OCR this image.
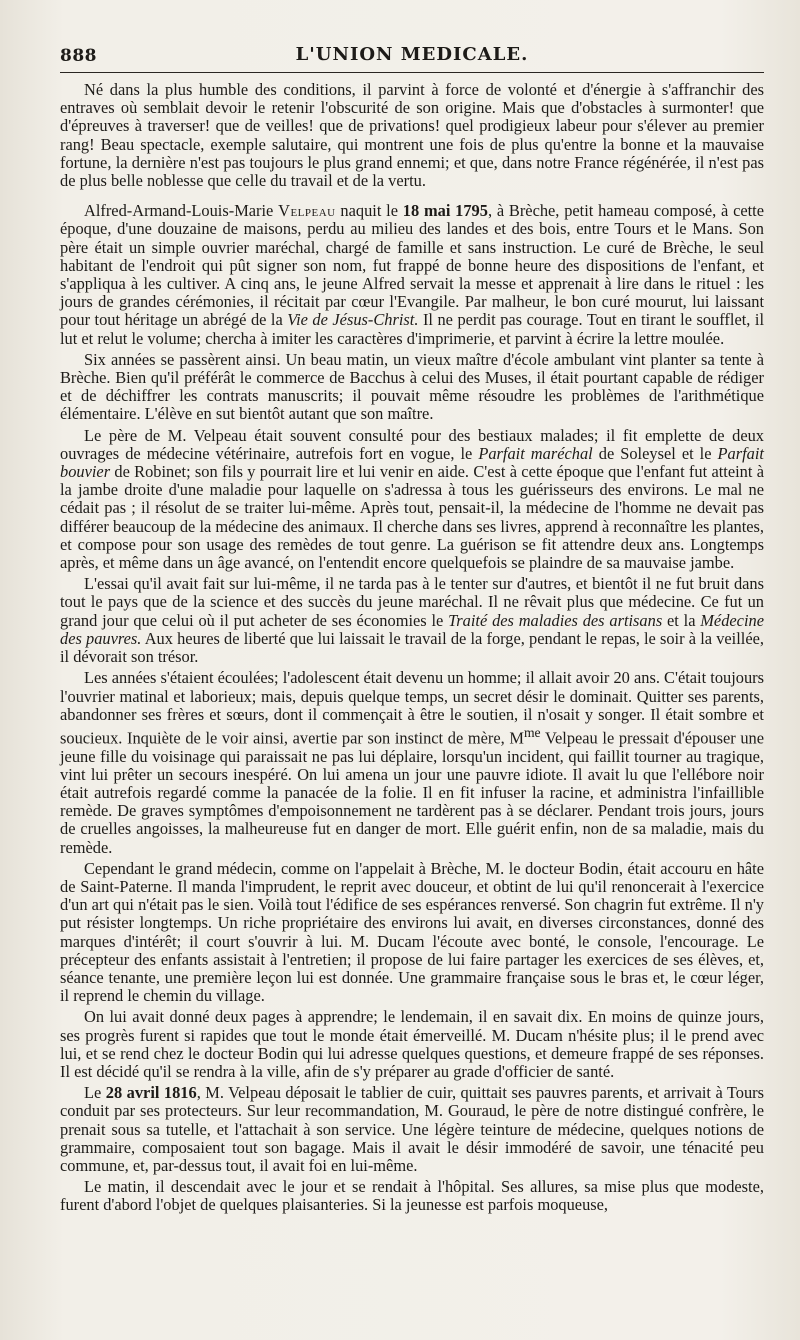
888	L'UNION MEDICALE.

Né dans la plus humble des conditions, il parvint à force de volonté et d'énergie à s'affranchir des entraves où semblait devoir le retenir l'obscurité de son origine. Mais que d'obstacles à surmonter! que d'épreuves à traverser! que de veilles! que de privations! quel prodigieux labeur pour s'élever au premier rang! Beau spectacle, exemple salutaire, qui montrent une fois de plus qu'entre la bonne et la mauvaise fortune, la dernière n'est pas toujours le plus grand ennemi; et que, dans notre France régénérée, il n'est pas de plus belle noblesse que celle du travail et de la vertu.

Alfred-Armand-Louis-Marie Velpeau naquit le 18 mai 1795, à Brèche, petit hameau composé, à cette époque, d'une douzaine de maisons, perdu au milieu des landes et des bois, entre Tours et le Mans. Son père était un simple ouvrier maréchal, chargé de famille et sans instruction. Le curé de Brèche, le seul habitant de l'endroit qui pût signer son nom, fut frappé de bonne heure des dispositions de l'enfant, et s'appliqua à les cultiver. A cinq ans, le jeune Alfred servait la messe et apprenait à lire dans le rituel : les jours de grandes cérémonies, il récitait par cœur l'Evangile. Par malheur, le bon curé mourut, lui laissant pour tout héritage un abrégé de la Vie de Jésus-Christ. Il ne perdit pas courage. Tout en tirant le soufflet, il lut et relut le volume; chercha à imiter les caractères d'imprimerie, et parvint à écrire la lettre moulée.

Six années se passèrent ainsi. Un beau matin, un vieux maître d'école ambulant vint planter sa tente à Brèche. Bien qu'il préférât le commerce de Bacchus à celui des Muses, il était pourtant capable de rédiger et de déchiffrer les contrats manuscrits; il pouvait même résoudre les problèmes de l'arithmétique élémentaire. L'élève en sut bientôt autant que son maître.

Le père de M. Velpeau était souvent consulté pour des bestiaux malades; il fit emplette de deux ouvrages de médecine vétérinaire, autrefois fort en vogue, le Parfait maréchal de Soleysel et le Parfait bouvier de Robinet; son fils y pourrait lire et lui venir en aide. C'est à cette époque que l'enfant fut atteint à la jambe droite d'une maladie pour laquelle on s'adressa à tous les guérisseurs des environs. Le mal ne cédait pas ; il résolut de se traiter lui-même. Après tout, pensait-il, la médecine de l'homme ne devait pas différer beaucoup de la médecine des animaux. Il cherche dans ses livres, apprend à reconnaître les plantes, et compose pour son usage des remèdes de tout genre. La guérison se fit attendre deux ans. Longtemps après, et même dans un âge avancé, on l'entendit encore quelquefois se plaindre de sa mauvaise jambe.

L'essai qu'il avait fait sur lui-même, il ne tarda pas à le tenter sur d'autres, et bientôt il ne fut bruit dans tout le pays que de la science et des succès du jeune maréchal. Il ne rêvait plus que médecine. Ce fut un grand jour que celui où il put acheter de ses économies le Traité des maladies des artisans et la Médecine des pauvres. Aux heures de liberté que lui laissait le travail de la forge, pendant le repas, le soir à la veillée, il dévorait son trésor.

Les années s'étaient écoulées; l'adolescent était devenu un homme; il allait avoir 20 ans. C'était toujours l'ouvrier matinal et laborieux; mais, depuis quelque temps, un secret désir le dominait. Quitter ses parents, abandonner ses frères et sœurs, dont il commençait à être le soutien, il n'osait y songer. Il était sombre et soucieux. Inquiète de le voir ainsi, avertie par son instinct de mère, $M^{me}$ Velpeau le pressait d'épouser une jeune fille du voisinage qui paraissait ne pas lui déplaire, lorsqu'un incident, qui faillit tourner au tragique, vint lui prêter un secours inespéré. On lui amena un jour une pauvre idiote. Il avait lu que l'ellébore noir était autrefois regardé comme la panacée de la folie. Il en fit infuser la racine, et administra l'infaillible remède. De graves symptômes d'empoisonnement ne tardèrent pas à se déclarer. Pendant trois jours, jours de cruelles angoisses, la malheureuse fut en danger de mort. Elle guérit enfin, non de sa maladie, mais du remède.

Cependant le grand médecin, comme on l'appelait à Brèche, M. le docteur Bodin, était accouru en hâte de Saint-Paterne. Il manda l'imprudent, le reprit avec douceur, et obtint de lui qu'il renoncerait à l'exercice d'un art qui n'était pas le sien. Voilà tout l'édifice de ses espérances renversé. Son chagrin fut extrême. Il n'y put résister longtemps. Un riche propriétaire des environs lui avait, en diverses circonstances, donné des marques d'intérêt; il court s'ouvrir à lui. M. Ducam l'écoute avec bonté, le console, l'encourage. Le précepteur des enfants assistait à l'entretien; il propose de lui faire partager les exercices de ses élèves, et, séance tenante, une première leçon lui est donnée. Une grammaire française sous le bras et, le cœur léger, il reprend le chemin du village.

On lui avait donné deux pages à apprendre; le lendemain, il en savait dix. En moins de quinze jours, ses progrès furent si rapides que tout le monde était émerveillé. M. Ducam n'hésite plus; il le prend avec lui, et se rend chez le docteur Bodin qui lui adresse quelques questions, et demeure frappé de ses réponses. Il est décidé qu'il se rendra à la ville, afin de s'y préparer au grade d'officier de santé.

Le 28 avril 1816, M. Velpeau déposait le tablier de cuir, quittait ses pauvres parents, et arrivait à Tours conduit par ses protecteurs. Sur leur recommandation, M. Gouraud, le père de notre distingué confrère, le prenait sous sa tutelle, et l'attachait à son service. Une légère teinture de médecine, quelques notions de grammaire, composaient tout son bagage. Mais il avait le désir immodéré de savoir, une ténacité peu commune, et, par-dessus tout, il avait foi en lui-même.

Le matin, il descendait avec le jour et se rendait à l'hôpital. Ses allures, sa mise plus que modeste, furent d'abord l'objet de quelques plaisanteries. Si la jeunesse est parfois moqueuse,
